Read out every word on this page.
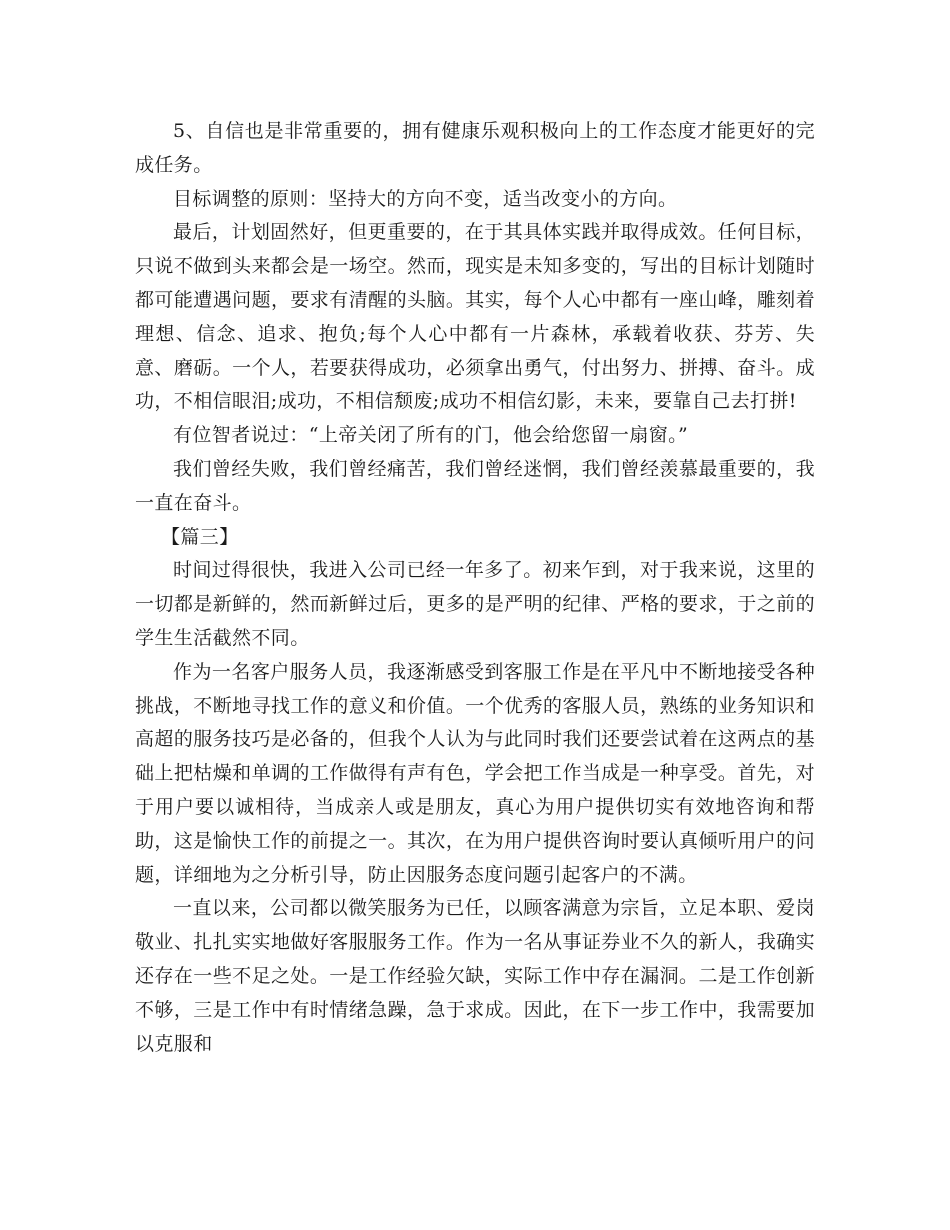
5、自信也是非常重要的，拥有健康乐观积极向上的工作态度才能更好的完成任务。

目标调整的原则：坚持大的方向不变，适当改变小的方向。

最后，计划固然好，但更重要的，在于其具体实践并取得成效。任何目标，只说不做到头来都会是一场空。然而，现实是未知多变的，写出的目标计划随时都可能遭遇问题，要求有清醒的头脑。其实，每个人心中都有一座山峰，雕刻着理想、信念、追求、抱负;每个人心中都有一片森林，承载着收获、芬芳、失意、磨砺。一个人，若要获得成功，必须拿出勇气，付出努力、拼搏、奋斗。成功，不相信眼泪;成功，不相信颓废;成功不相信幻影，未来，要靠自己去打拼!

有位智者说过：“上帝关闭了所有的门，他会给您留一扇窗。”

我们曾经失败，我们曾经痛苦，我们曾经迷惘，我们曾经羡慕最重要的，我一直在奋斗。

【篇三】

时间过得很快，我进入公司已经一年多了。初来乍到，对于我来说，这里的一切都是新鲜的，然而新鲜过后，更多的是严明的纪律、严格的要求，于之前的学生生活截然不同。

作为一名客户服务人员，我逐渐感受到客服工作是在平凡中不断地接受各种挑战，不断地寻找工作的意义和价值。一个优秀的客服人员，熟练的业务知识和高超的服务技巧是必备的，但我个人认为与此同时我们还要尝试着在这两点的基础上把枯燥和单调的工作做得有声有色，学会把工作当成是一种享受。首先，对于用户要以诚相待，当成亲人或是朋友，真心为用户提供切实有效地咨询和帮助，这是愉快工作的前提之一。其次，在为用户提供咨询时要认真倾听用户的问题，详细地为之分析引导，防止因服务态度问题引起客户的不满。

一直以来，公司都以微笑服务为已任，以顾客满意为宗旨，立足本职、爱岗敬业、扎扎实实地做好客服服务工作。作为一名从事证券业不久的新人，我确实还存在一些不足之处。一是工作经验欠缺，实际工作中存在漏洞。二是工作创新不够，三是工作中有时情绪急躁，急于求成。因此，在下一步工作中，我需要加以克服和
